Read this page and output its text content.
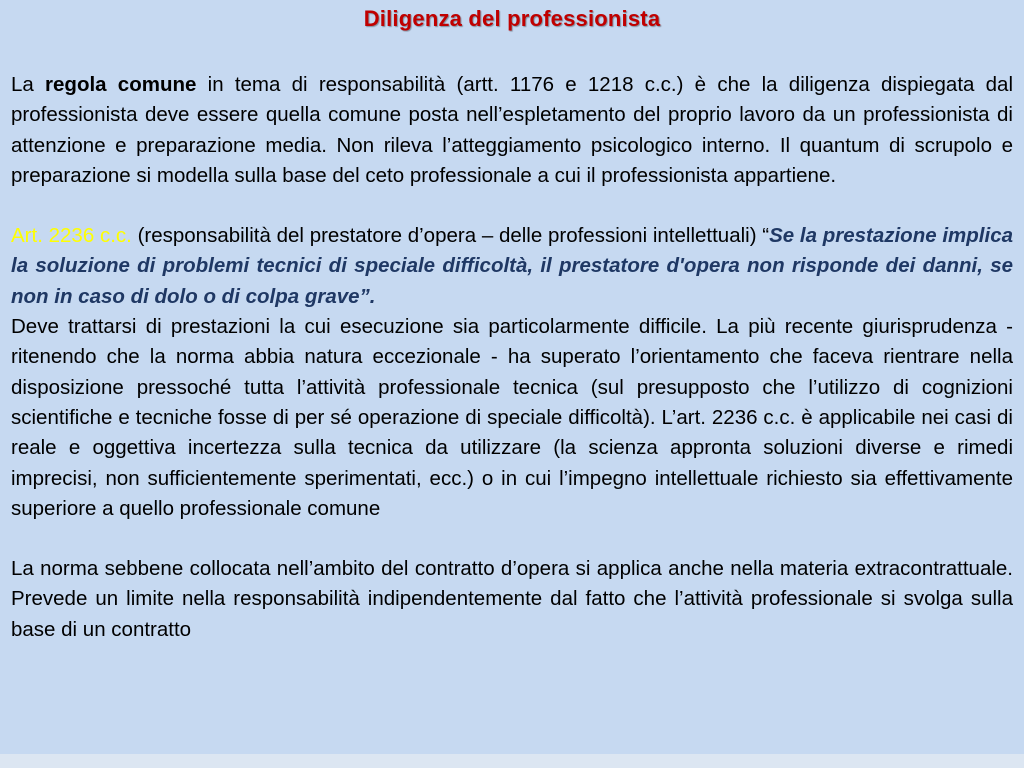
Diligenza del professionista

La regola comune in tema di responsabilità (artt. 1176 e 1218 c.c.) è che la diligenza dispiegata dal professionista deve essere quella comune posta nell’espletamento del proprio lavoro da un professionista di attenzione e preparazione media. Non rileva l’atteggiamento psicologico interno. Il quantum di scrupolo e preparazione si modella sulla base del ceto professionale a cui il professionista appartiene.

Art. 2236 c.c. (responsabilità del prestatore d’opera – delle professioni intellettuali) “Se la prestazione implica la soluzione di problemi tecnici di speciale difficoltà, il prestatore d'opera non risponde dei danni, se non in caso di dolo o di colpa grave”.

Deve trattarsi di prestazioni la cui esecuzione sia particolarmente difficile. La più recente giurisprudenza - ritenendo che la norma abbia natura eccezionale - ha superato l’orientamento che faceva rientrare nella disposizione pressoché tutta l’attività professionale tecnica (sul presupposto che l’utilizzo di cognizioni scientifiche e tecniche fosse di per sé operazione di speciale difficoltà). L’art. 2236 c.c. è applicabile nei casi di reale e oggettiva incertezza sulla tecnica da utilizzare (la scienza appronta soluzioni diverse e rimedi imprecisi, non sufficientemente sperimentati, ecc.) o in cui l’impegno intellettuale richiesto sia effettivamente superiore a quello professionale comune

La norma sebbene collocata nell’ambito del contratto d’opera si applica anche nella materia extracontrattuale. Prevede un limite nella responsabilità indipendentemente dal fatto che l’attività professionale si svolga sulla base di un contratto
